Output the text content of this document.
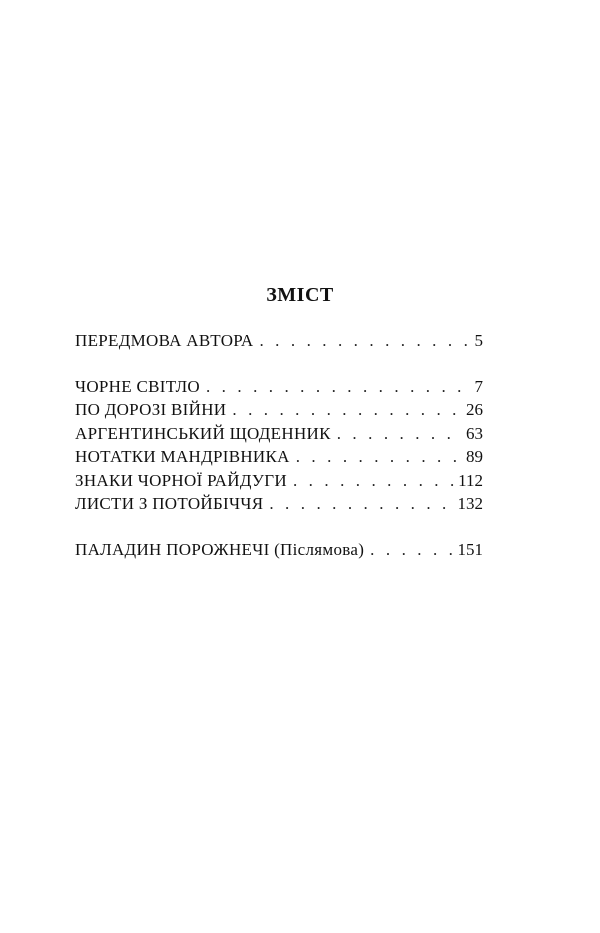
ЗМІСТ
ПЕРЕДМОВА АВТОРА . . .	5
ЧОРНЕ СВІТЛО . . .	7
ПО ДОРОЗІ ВІЙНИ . . .	26
АРГЕНТИНСЬКИЙ ЩОДЕННИК . . .	63
НОТАТКИ МАНДРІВНИКА . . .	89
ЗНАКИ ЧОРНОЇ РАЙДУГИ . . .	112
ЛИСТИ З ПОТОЙБІЧЧЯ . . .	132
ПАЛАДИН ПОРОЖНЕЧІ (Післямова) . . .	151
